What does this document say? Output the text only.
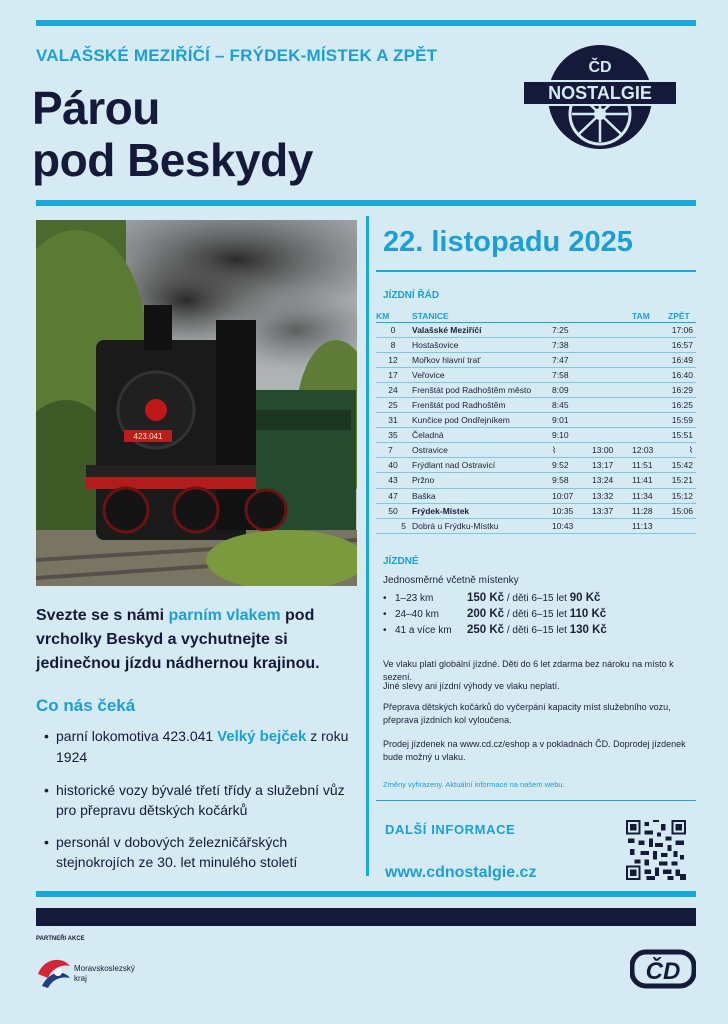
VALAŠSKÉ MEZIŘÍČÍ – FRÝDEK-MÍSTEK A ZPĚT
Párou
pod Beskydy
NOSTALGIE
ČD
423.041
22. listopadu 2025
JÍZDNÍ ŘÁD
KM	STANICE			TAM	ZPĚT
0	Valašské Meziříčí	7:25			17:06
8	Hostašovice	7:38			16:57
12	Mořkov hlavní trať	7:47			16:49
17	Veřovice	7:58			16:40
24	Frenštát pod Radhoštěm město	8:09			16:29
25	Frenštát pod Radhoštěm	8:45			16:25
31	Kunčice pod Ondřejníkem	9:01			15:59
35	Čeladná	9:10			15:51
7	Ostravice	⌇	13:00	12:03	⌇
40	Frýdlant nad Ostravicí	9:52	13:17	11:51	15:42
43	Pržno	9:58	13:24	11:41	15:21
47	Baška	10:07	13:32	11:34	15:12
50	Frýdek-Místek	10:35	13:37	11:28	15:06
5	Dobrá u Frýdku-Místku	10:43		11:13	
JÍZDNÉ
Jednosměrné včetně místenky
• 1–23 km	150 Kč / děti 6–15 let 90 Kč
• 24–40 km 200 Kč / děti 6–15 let 110 Kč
• 41 a více km 250 Kč / děti 6–15 let 130 Kč
Ve vlaku platí globální jízdné. Děti do 6 let zdarma bez nároku na místo k sezení.
Jiné slevy ani jízdní výhody ve vlaku neplatí.
Přeprava dětských kočárků do vyčerpání kapacity míst služebního vozu, přeprava jízdních kol vyloučena.
Prodej jízdenek na www.cd.cz/eshop a v pokladnách ČD. Doprodej jízdenek bude možný u vlaku.
Změny vyhrazeny. Aktuální informace na našem webu.
DALŠÍ INFORMACE
www.cdnostalgie.cz
Svezte se s námi parním vlakem pod vrcholky Beskyd a vychutnejte si jedinečnou jízdu nádhernou krajinou.
Co nás čeká
• parní lokomotiva 423.041 Velký bejček z roku 1924
• historické vozy bývalé třetí třídy a služební vůz pro přepravu dětských kočárků
• personál v dobových železničářských stejnokrojích ze 30. let minulého století
PARTNEŘI AKCE
Moravskoslezský
kraj	ČD
